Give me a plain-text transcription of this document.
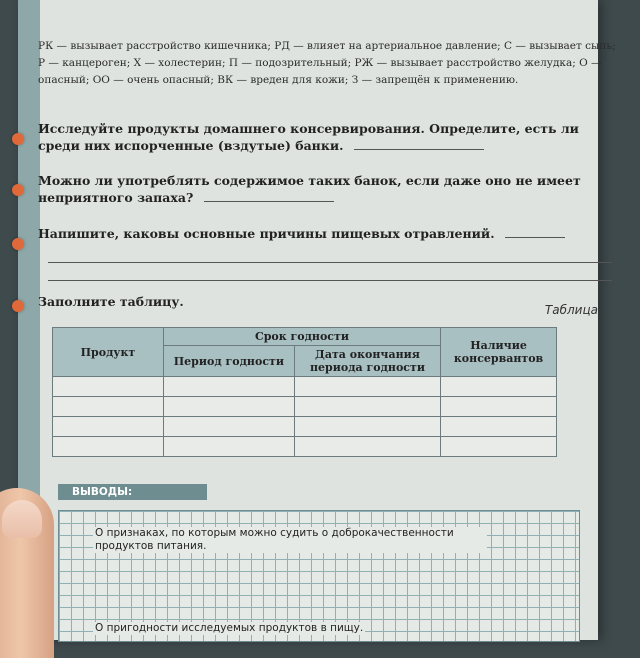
РК — вызывает расстройство кишечника; РД — влияет на артериальное давление; С — вызывает сыпь; Р — канцероген; Х — холестерин; П — подозрительный; РЖ — вызывает расстройство желудка; О — опасный; ОО — очень опасный; ВК — вреден для кожи; З — запрещён к применению.
Исследуйте продукты домашнего консервирования. Определите, есть ли среди них испорченные (вздутые) банки.
Можно ли употреблять содержимое таких банок, если даже оно не имеет неприятного запаха?
Напишите, каковы основные причины пищевых отравлений.
Заполните таблицу.
Таблица
Продукт	Срок годности		Наличие консервантов
	Период годности	Дата окончания периода годности	

ВЫВОДЫ:
О признаках, по которым можно судить о доброкачественности продуктов питания.
О пригодности исследуемых продуктов в пищу.
